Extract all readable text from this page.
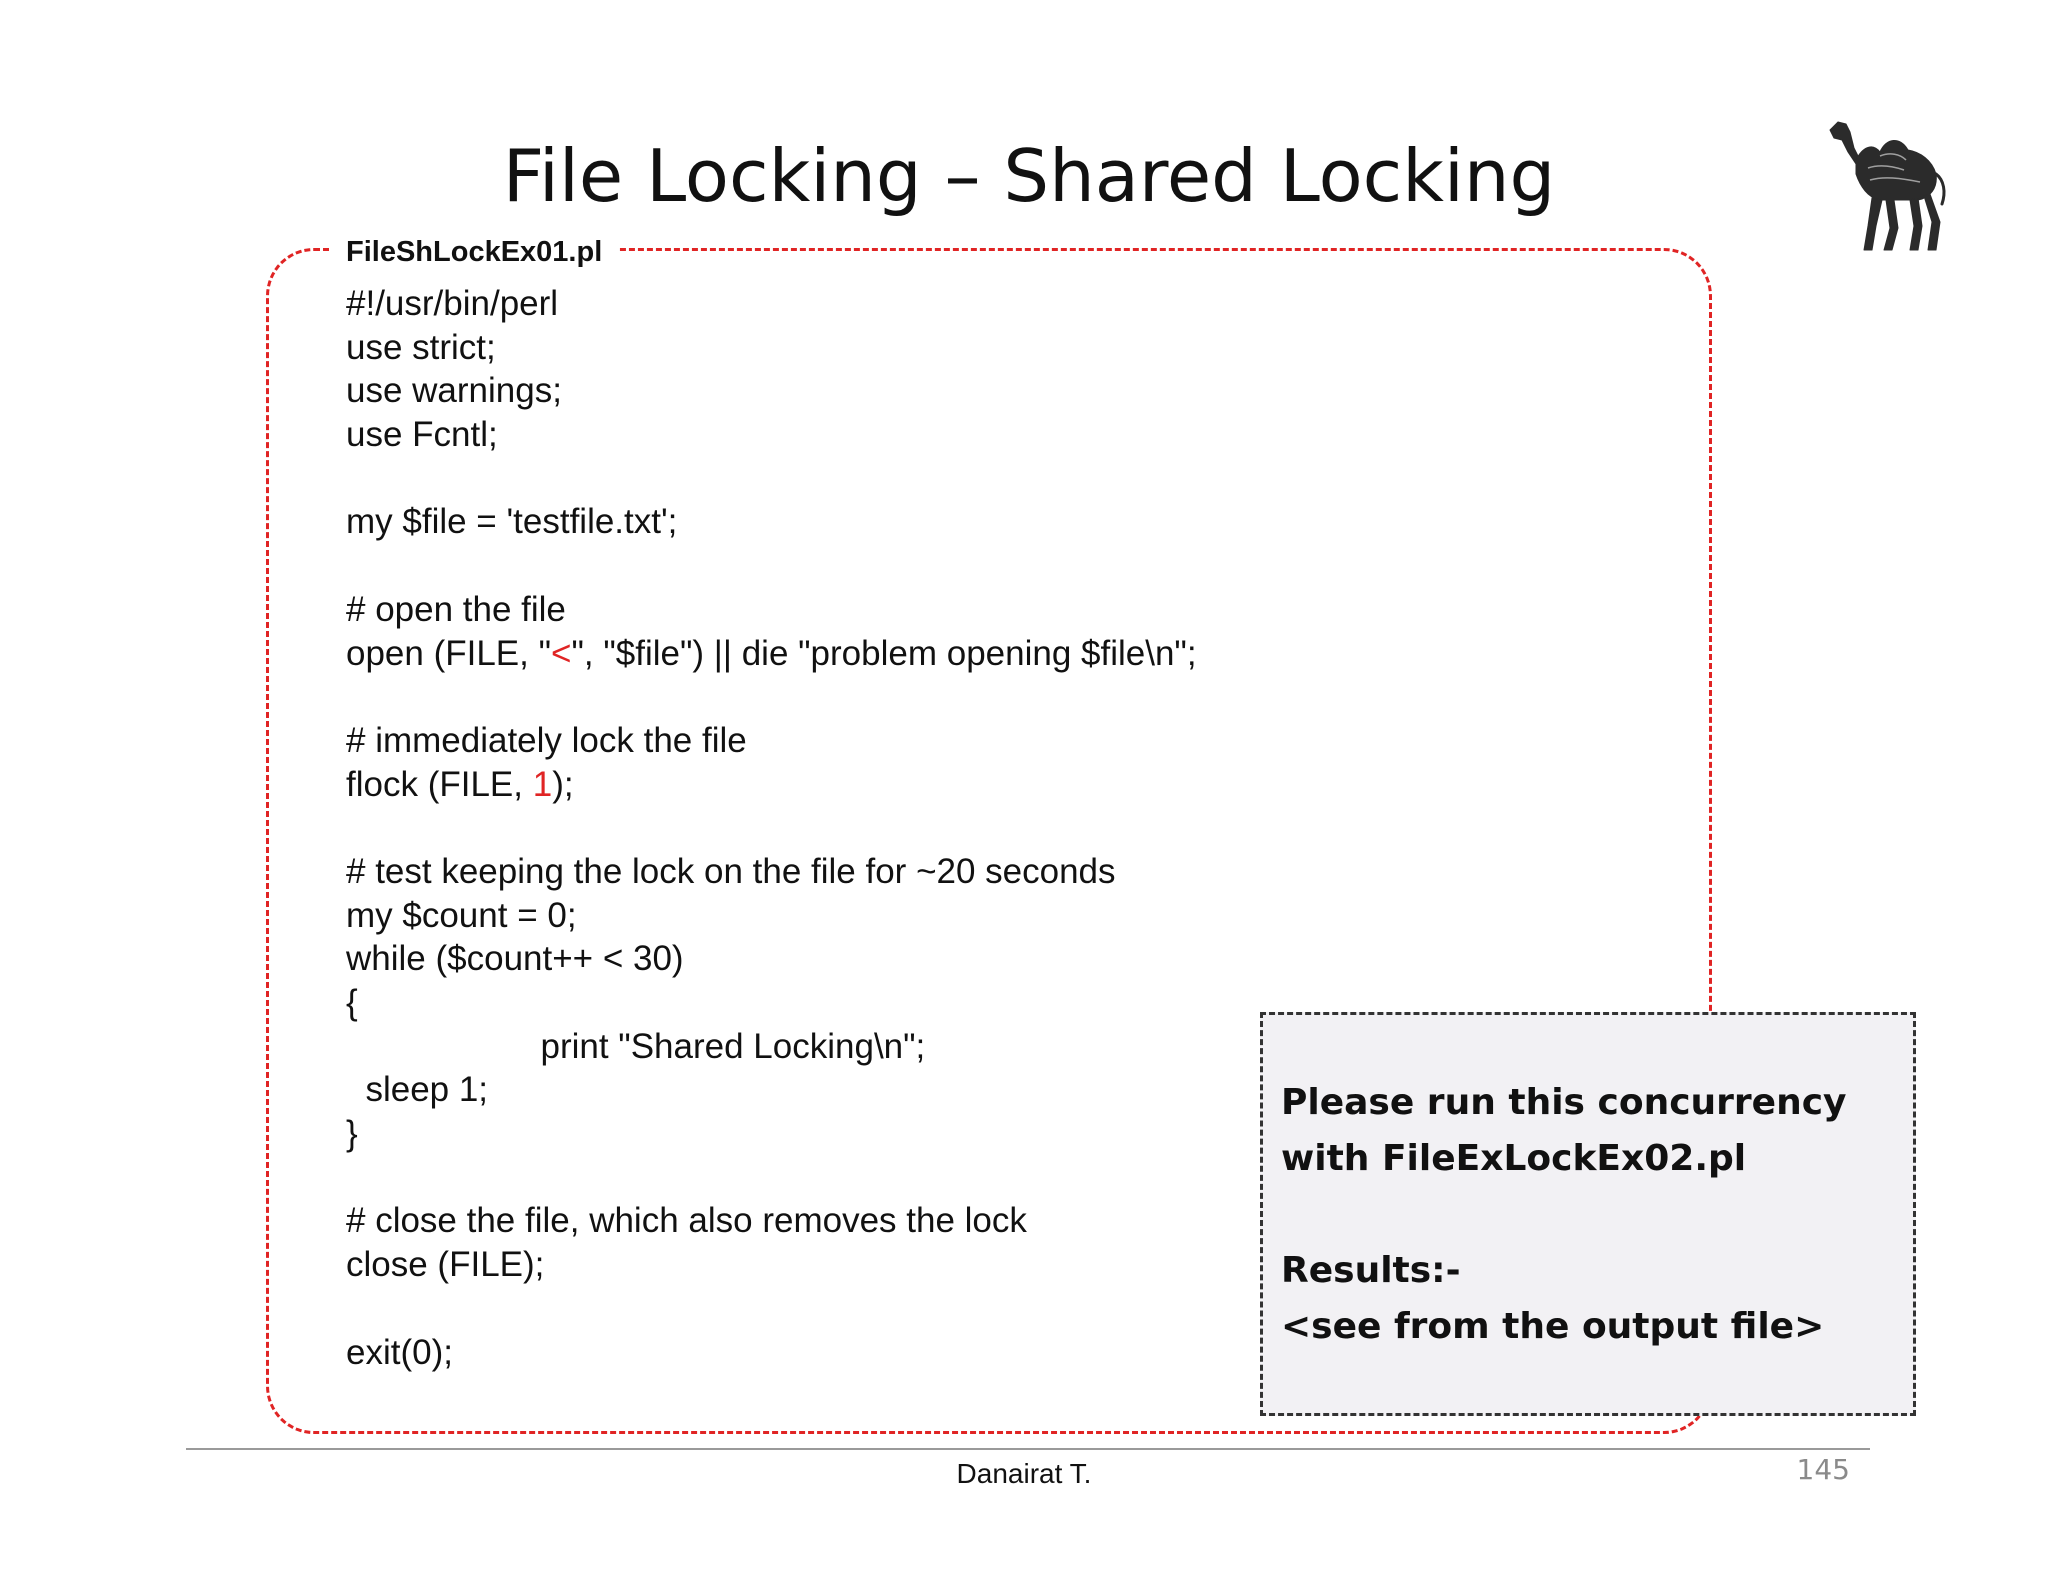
File Locking – Shared Locking
FileShLockEx01.pl
#!/usr/bin/perl
use strict;
use warnings;
use Fcntl;
my $file = 'testfile.txt';
# open the file
open (FILE, "<", "$file") || die "problem opening $file\n";
# immediately lock the file
flock (FILE, 1);
# test keeping the lock on the file for ~20 seconds
my $count = 0;
while ($count++ < 30)
{
print "Shared Locking\n";
sleep 1;
}
# close the file, which also removes the lock
close (FILE);
exit(0);
Please run this concurrency
with FileExLockEx02.pl
Results:-
<see from the output file>
Danairat T.	145
